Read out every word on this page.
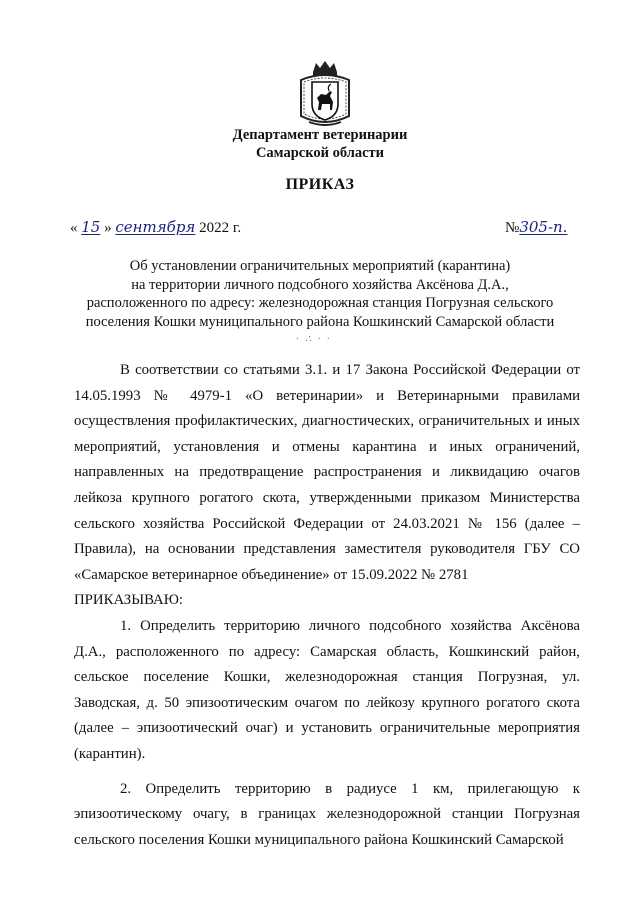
Департамент ветеринарии
Самарской области
ПРИКАЗ
« 15 » сентября 2022 г.	№305-п.
Об установлении ограничительных мероприятий (карантина)
на территории личного подсобного хозяйства Аксёнова Д.А.,
расположенного по адресу: железнодорожная станция Погрузная сельского
поселения Кошки муниципального района Кошкинский Самарской области
· ∴ · ·

В соответствии со статьями 3.1. и 17 Закона Российской Федерации от 14.05.1993 № 4979-1 «О ветеринарии» и Ветеринарными правилами осуществления профилактических, диагностических, ограничительных и иных мероприятий, установления и отмены карантина и иных ограничений, направленных на предотвращение распространения и ликвидацию очагов лейкоза крупного рогатого скота, утвержденными приказом Министерства сельского хозяйства Российской Федерации от 24.03.2021 № 156 (далее – Правила), на основании представления заместителя руководителя ГБУ СО «Самарское ветеринарное объединение» от 15.09.2022 № 2781

ПРИКАЗЫВАЮ:

1. Определить территорию личного подсобного хозяйства Аксёнова Д.А., расположенного по адресу: Самарская область, Кошкинский район, сельское поселение Кошки, железнодорожная станция Погрузная, ул. Заводская, д. 50 эпизоотическим очагом по лейкозу крупного рогатого скота (далее – эпизоотический очаг) и установить ограничительные мероприятия (карантин).

2. Определить территорию в радиусе 1 км, прилегающую к эпизоотическому очагу, в границах железнодорожной станции Погрузная сельского поселения Кошки муниципального района Кошкинский Самарской
